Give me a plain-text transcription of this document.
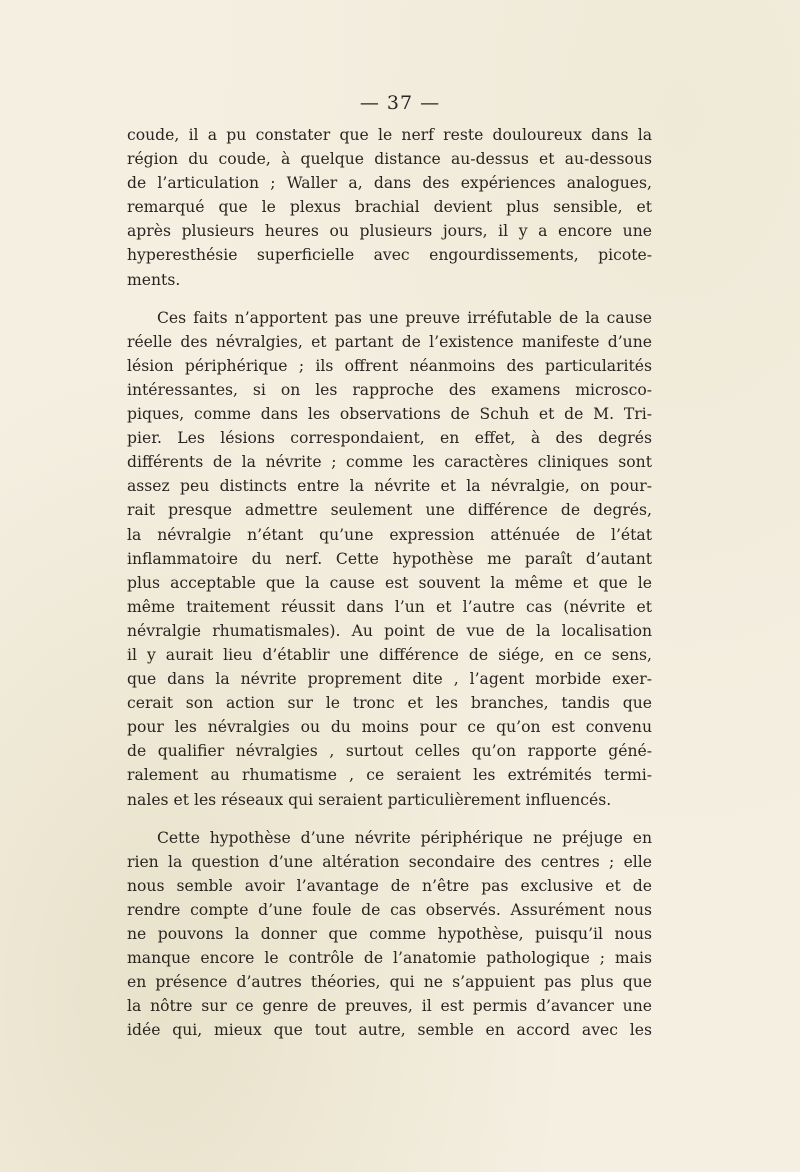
— 37 —

coude, il a pu constater que le nerf reste douloureux dans la
région du coude, à quelque distance au-dessus et au-dessous
de l’articulation ; Waller a, dans des expériences analogues,
remarqué que le plexus brachial devient plus sensible, et
après plusieurs heures ou plusieurs jours, il y a encore une
hyperesthésie superficielle avec engourdissements, picote-
ments.

Ces faits n’apportent pas une preuve irréfutable de la cause
réelle des névralgies, et partant de l’existence manifeste d’une
lésion périphérique ; ils offrent néanmoins des particularités
intéressantes, si on les rapproche des examens microsco-
piques, comme dans les observations de Schuh et de M. Tri-
pier. Les lésions correspondaient, en effet, à des degrés
différents de la névrite ; comme les caractères cliniques sont
assez peu distincts entre la névrite et la névralgie, on pour-
rait presque admettre seulement une différence de degrés,
la névralgie n’étant qu’une expression atténuée de l’état
inflammatoire du nerf. Cette hypothèse me paraît d’autant
plus acceptable que la cause est souvent la même et que le
même traitement réussit dans l’un et l’autre cas (névrite et
névralgie rhumatismales). Au point de vue de la localisation
il y aurait lieu d’établir une différence de siége, en ce sens,
que dans la névrite proprement dite , l’agent morbide exer-
cerait son action sur le tronc et les branches, tandis que
pour les névralgies ou du moins pour ce qu’on est convenu
de qualifier névralgies , surtout celles qu’on rapporte géné-
ralement au rhumatisme , ce seraient les extrémités termi-
nales et les réseaux qui seraient particulièrement influencés.

Cette hypothèse d’une névrite périphérique ne préjuge en
rien la question d’une altération secondaire des centres ; elle
nous semble avoir l’avantage de n’être pas exclusive et de
rendre compte d’une foule de cas observés. Assurément nous
ne pouvons la donner que comme hypothèse, puisqu’il nous
manque encore le contrôle de l’anatomie pathologique ; mais
en présence d’autres théories, qui ne s’appuient pas plus que
la nôtre sur ce genre de preuves, il est permis d’avancer une
idée qui, mieux que tout autre, semble en accord avec les
